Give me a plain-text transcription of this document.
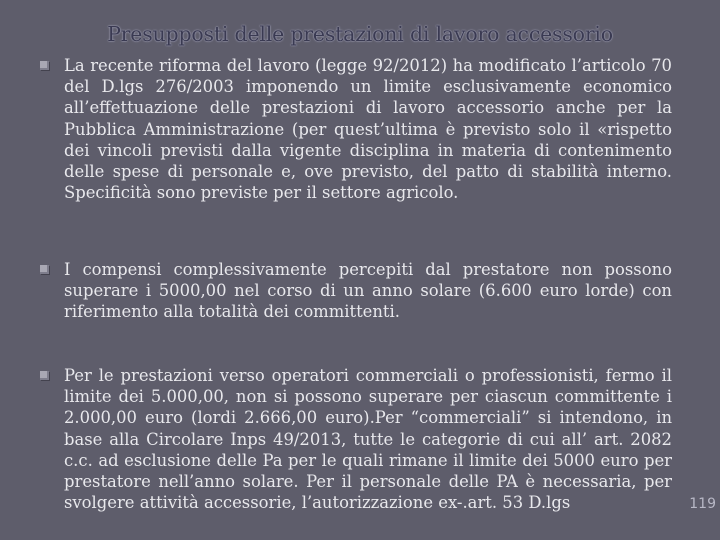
Presupposti delle prestazioni di lavoro accessorio
La recente riforma del lavoro (legge 92/2012) ha modificato l’articolo 70 del D.lgs 276/2003 imponendo un limite esclusivamente economico all’effettuazione delle prestazioni di lavoro accessorio anche per la Pubblica Amministrazione (per quest’ultima è previsto solo il «rispetto dei vincoli previsti dalla vigente disciplina in materia di contenimento delle spese di personale e, ove previsto, del patto di stabilità interno. Specificità sono previste per il settore agricolo.
I compensi complessivamente percepiti dal prestatore non possono superare i 5000,00 nel corso di un anno solare (6.600 euro lorde) con riferimento alla totalità dei committenti.
Per le prestazioni verso operatori commerciali o professionisti, fermo il limite dei 5.000,00, non si possono superare per ciascun committente i 2.000,00 euro (lordi 2.666,00 euro).Per “commerciali” si intendono, in base alla Circolare Inps 49/2013, tutte le categorie di cui all’ art. 2082 c.c. ad esclusione delle Pa per le quali rimane il limite dei 5000 euro per prestatore nell’anno solare. Per il personale delle PA è necessaria, per svolgere attività accessorie, l’autorizzazione ex-.art. 53 D.lgs	119
